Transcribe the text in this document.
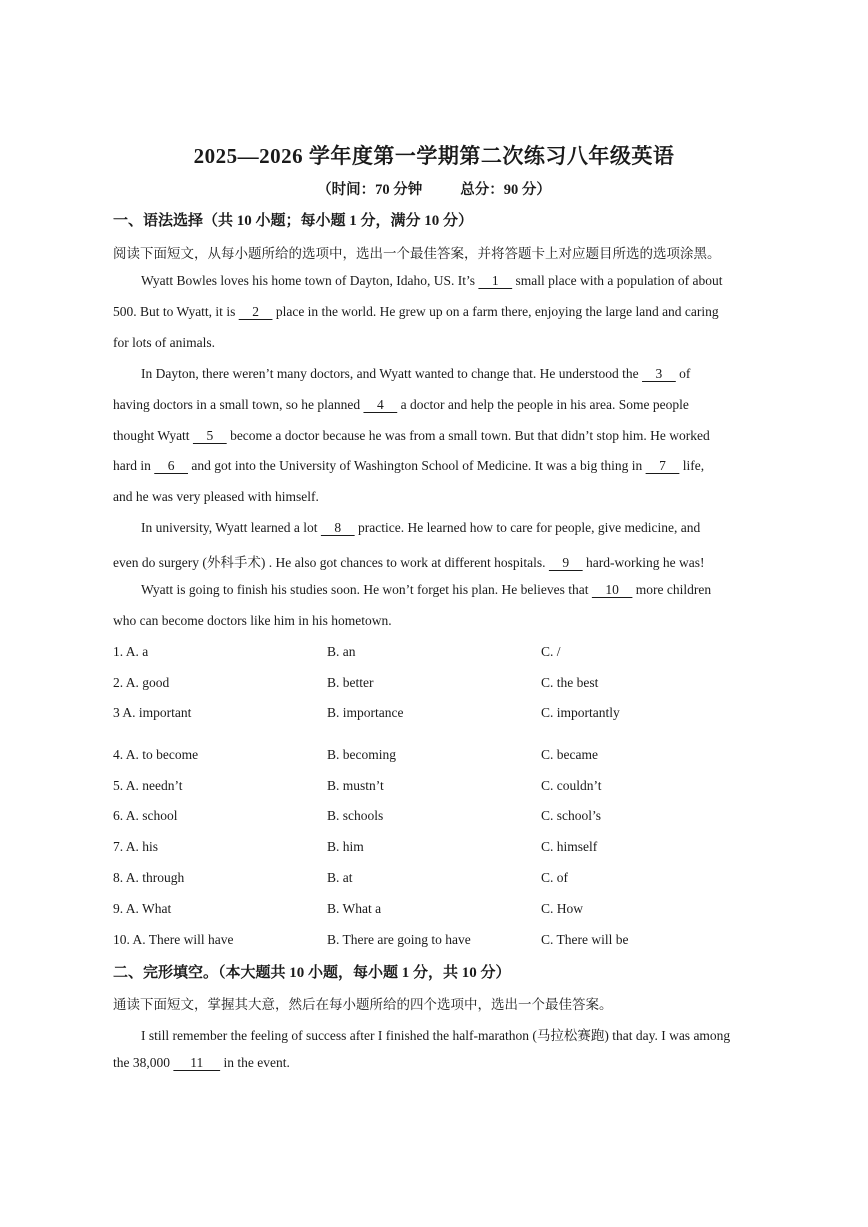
2025—2026 学年度第一学期第二次练习八年级英语
（时间：70 分钟	总分：90 分）
一、语法选择（共 10 小题；每小题 1 分，满分 10 分）
阅读下面短文，从每小题所给的选项中，选出一个最佳答案，并将答题卡上对应题目所选的选项涂黑。
Wyatt Bowles loves his home town of Dayton, Idaho, US. It’s     1     small place with a population of about
500. But to Wyatt, it is     2     place in the world. He grew up on a farm there, enjoying the large land and caring
for lots of animals.
In Dayton, there weren’t many doctors, and Wyatt wanted to change that. He understood the     3     of
having doctors in a small town, so he planned     4     a doctor and help the people in his area. Some people
thought Wyatt     5     become a doctor because he was from a small town. But that didn’t stop him. He worked
hard in     6     and got into the University of Washington School of Medicine. It was a big thing in     7     life,
and he was very pleased with himself.
In university, Wyatt learned a lot     8     practice. He learned how to care for people, give medicine, and
even do surgery (外科手术) . He also got chances to work at different hospitals.     9     hard-working he was!
Wyatt is going to finish his studies soon. He won’t forget his plan. He believes that     10     more children
who can become doctors like him in his hometown.
1. A. a	B. an	C. /
2. A. good	B. better	C. the best
3 A. important	B. importance	C. importantly
4. A. to become	B. becoming	C. became
5. A. needn’t	B. mustn’t	C. couldn’t
6. A. school	B. schools	C. school’s
7. A. his	B. him	C. himself
8. A. through	B. at	C. of
9. A. What	B. What a	C. How
10. A. There will have	B. There are going to have	C. There will be
二、完形填空。（本大题共 10 小题，每小题 1 分，共 10 分）
通读下面短文，掌握其大意，然后在每小题所给的四个选项中，选出一个最佳答案。
I still remember the feeling of success after I finished the half-marathon (马拉松赛跑) that day. I was among
the 38,000      11      in the event.
